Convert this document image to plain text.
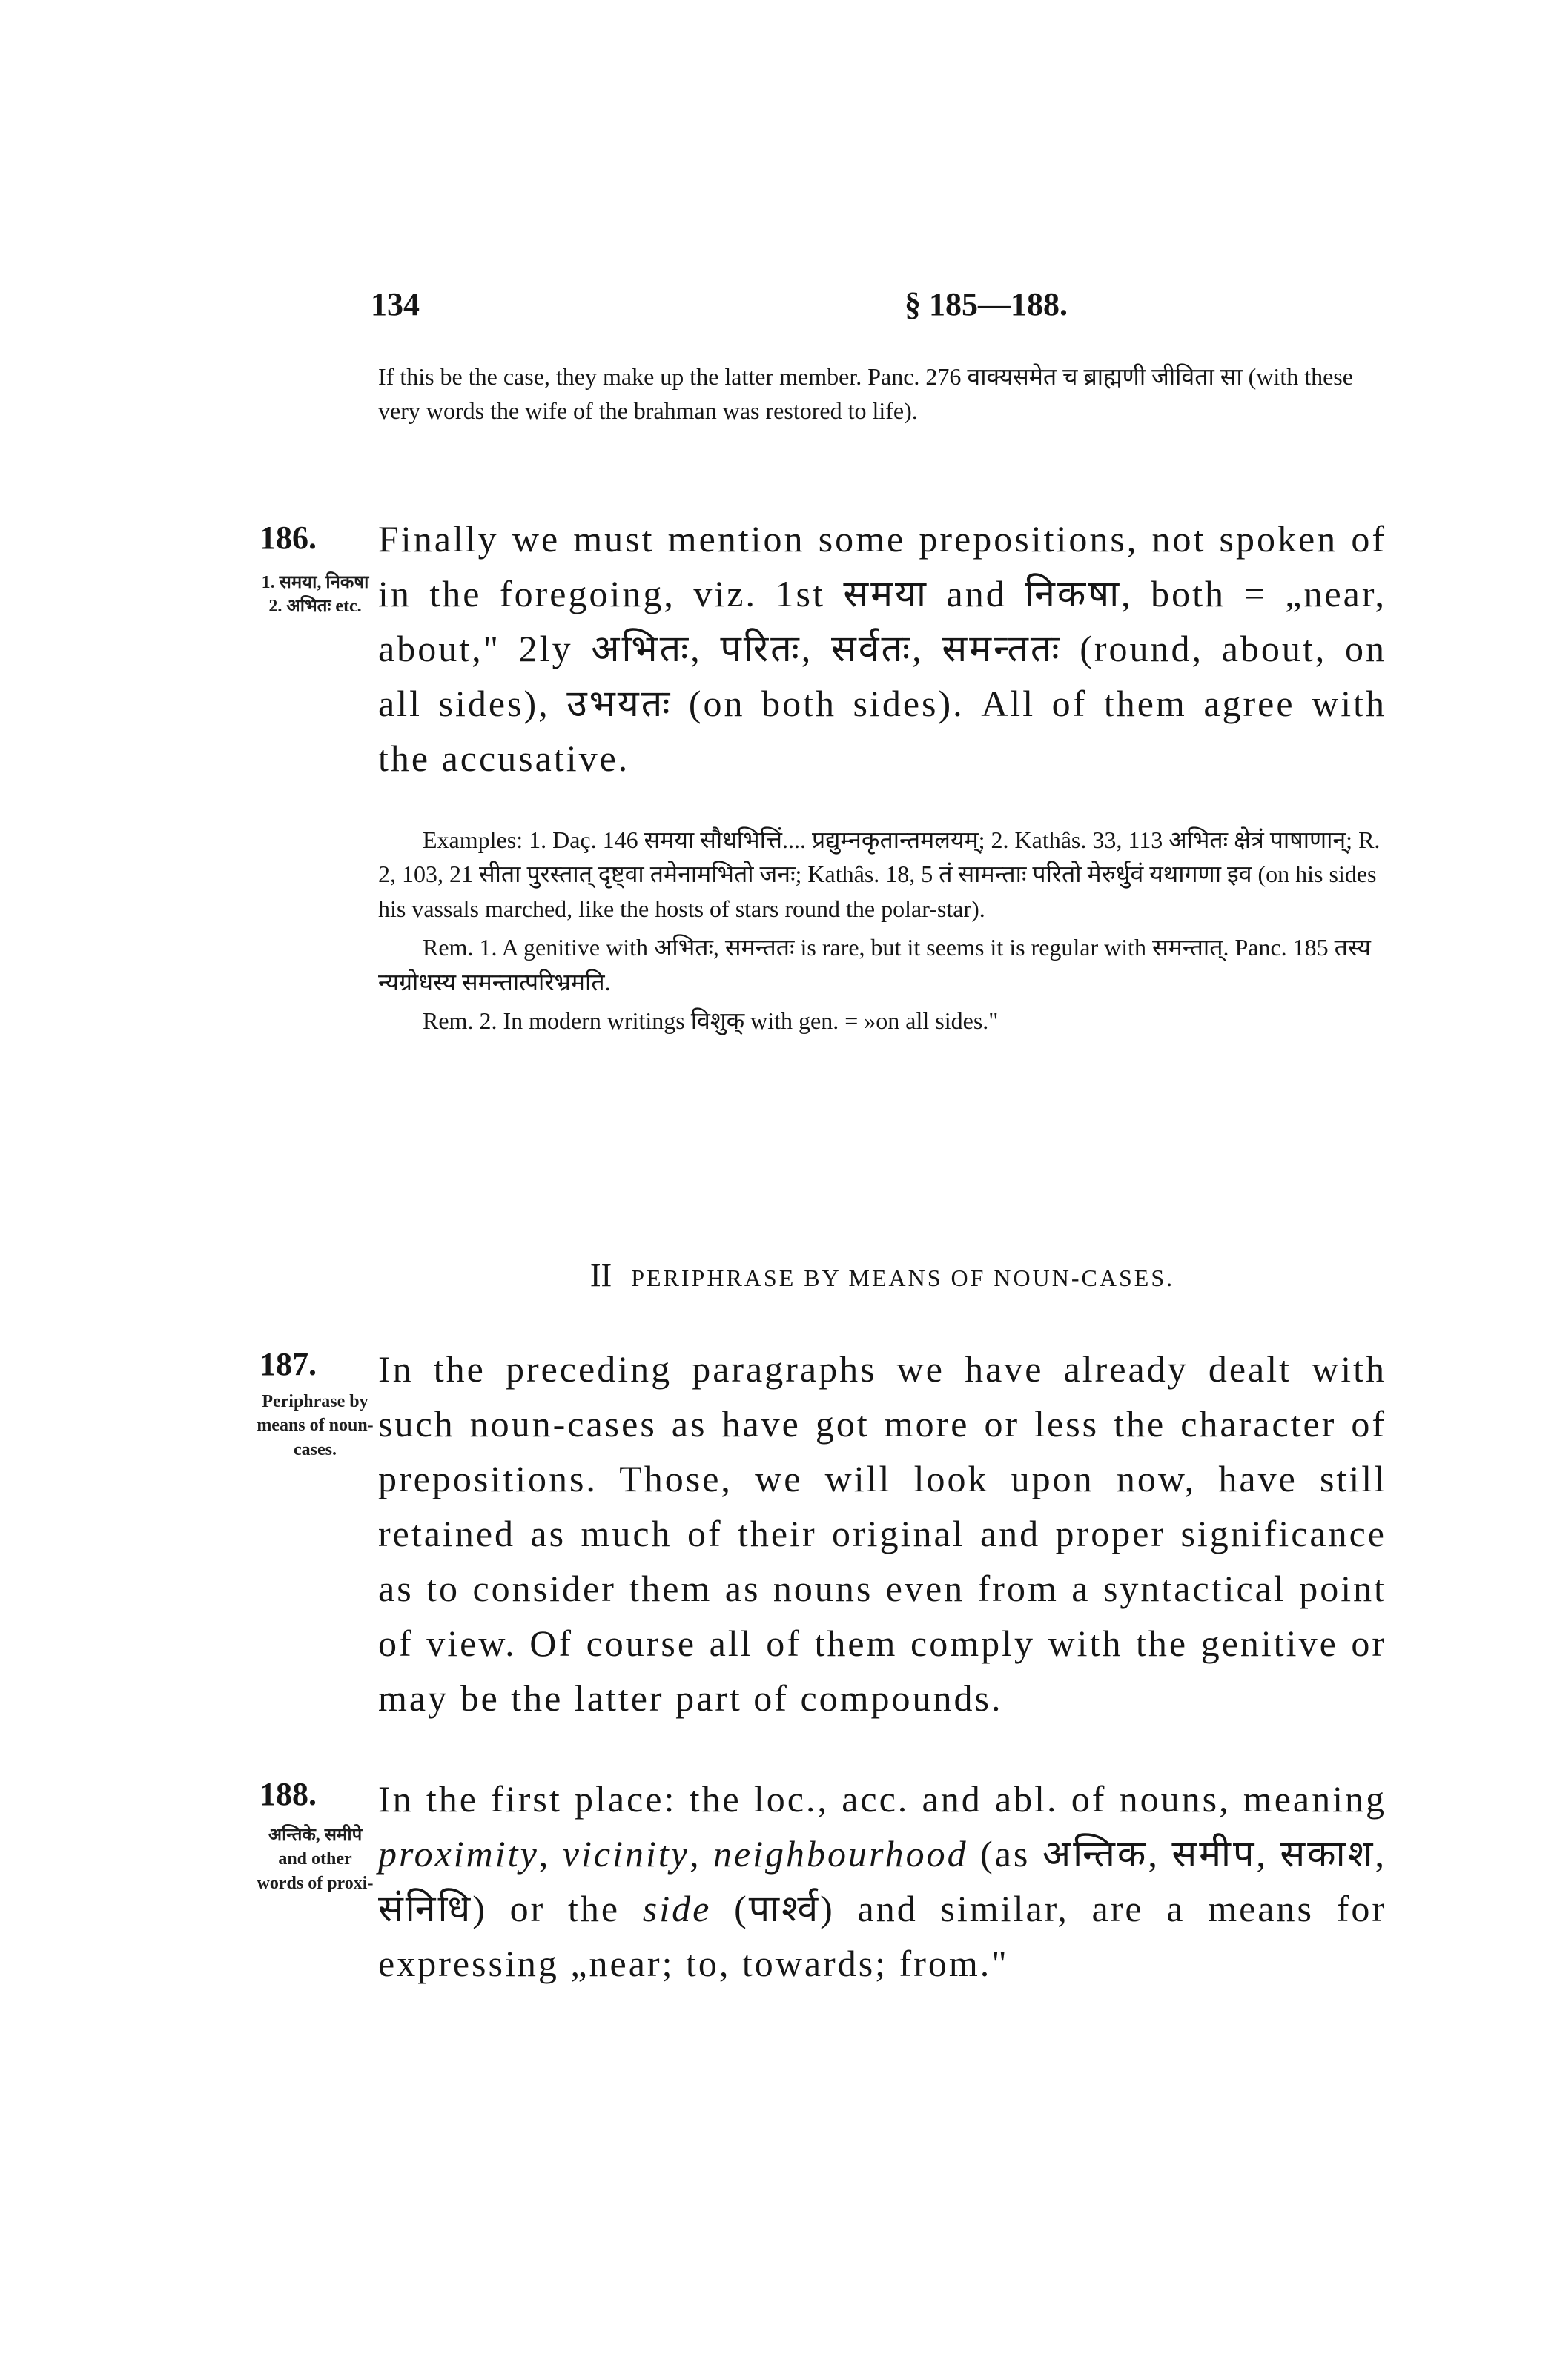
134	§ 185—188.

If this be the case, they make up the latter member. Panc. 276 वाक्यसमेत च ब्राह्मणी जीविता सा (with these very words the wife of the brahman was restored to life).

186.
1. समया, निकषा 2. अभितः etc.

Finally we must mention some prepositions, not spoken of in the foregoing, viz. 1st समया and निकषा, both = „near, about," 2ly अभितः, परितः, सर्वतः, समन्ततः (round, about, on all sides), उभयतः (on both sides). All of them agree with the accusative.

Examples: 1. Daç. 146 समया सौधभित्तिं.... प्रद्युम्नकृतान्तमलयम्; 2. Kathâs. 33, 113 अभितः क्षेत्रं पाषाणान्; R. 2, 103, 21 सीता पुरस्तात् दृष्ट्वा तमेनामभितो जनः; Kathâs. 18, 5 तं सामन्ताः परितो मेरुर्धुवं यथागणा इव (on his sides his vassals marched, like the hosts of stars round the polar-star).

Rem. 1. A genitive with अभितः, समन्ततः is rare, but it seems it is regular with समन्तात्. Panc. 185 तस्य न्यग्रोधस्य समन्तात्परिभ्रमति.

Rem. 2. In modern writings विशुक् with gen. = »on all sides."

II PERIPHRASE BY MEANS OF NOUN-CASES.
187.
Periphrase by means of noun-cases.

In the preceding paragraphs we have already dealt with such noun-cases as have got more or less the character of prepositions. Those, we will look upon now, have still retained as much of their original and proper significance as to consider them as nouns even from a syntactical point of view. Of course all of them comply with the genitive or may be the latter part of compounds.

188.
अन्तिके, समीपे and other words of proxi-

In the first place: the loc., acc. and abl. of nouns, meaning proximity, vicinity, neighbourhood (as अन्तिक, समीप, सकाश, संनिधि) or the side (पार्श्व) and similar, are a means for expressing „near; to, towards; from."
